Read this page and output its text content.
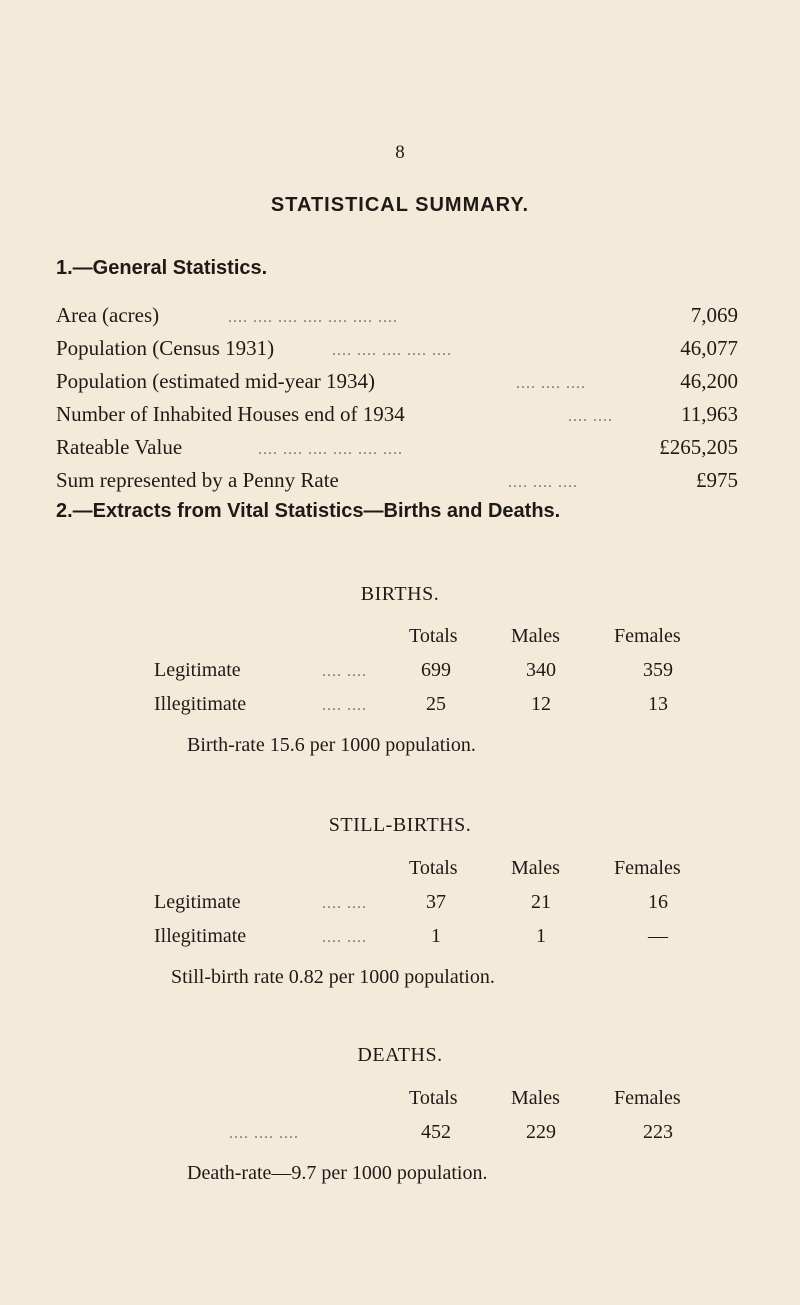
8
STATISTICAL SUMMARY.
1.—General Statistics.
Area (acres)	.... .... .... .... .... .... ....	7,069
Population (Census 1931)	.... .... .... .... ....	46,077
Population (estimated mid-year 1934)	.... .... ....	46,200
Number of Inhabited Houses end of 1934	.... ....	11,963
Rateable Value	.... .... .... .... .... ....	£265,205
Sum represented by a Penny Rate	.... .... ....	£975
2.—Extracts from Vital Statistics—Births and Deaths.
BIRTHS.
Totals	Males	Females
Legitimate	.... ....	699	340	359
Illegitimate	.... ....	25	12	13
Birth-rate 15.6 per 1000 population.
STILL-BIRTHS.
Totals	Males	Females
Legitimate	.... ....	37	21	16
Illegitimate	.... ....	1	1	—
Still-birth rate 0.82 per 1000 population.
DEATHS.
Totals	Males	Females
.... .... ....	452	229	223
Death-rate—9.7 per 1000 population.
